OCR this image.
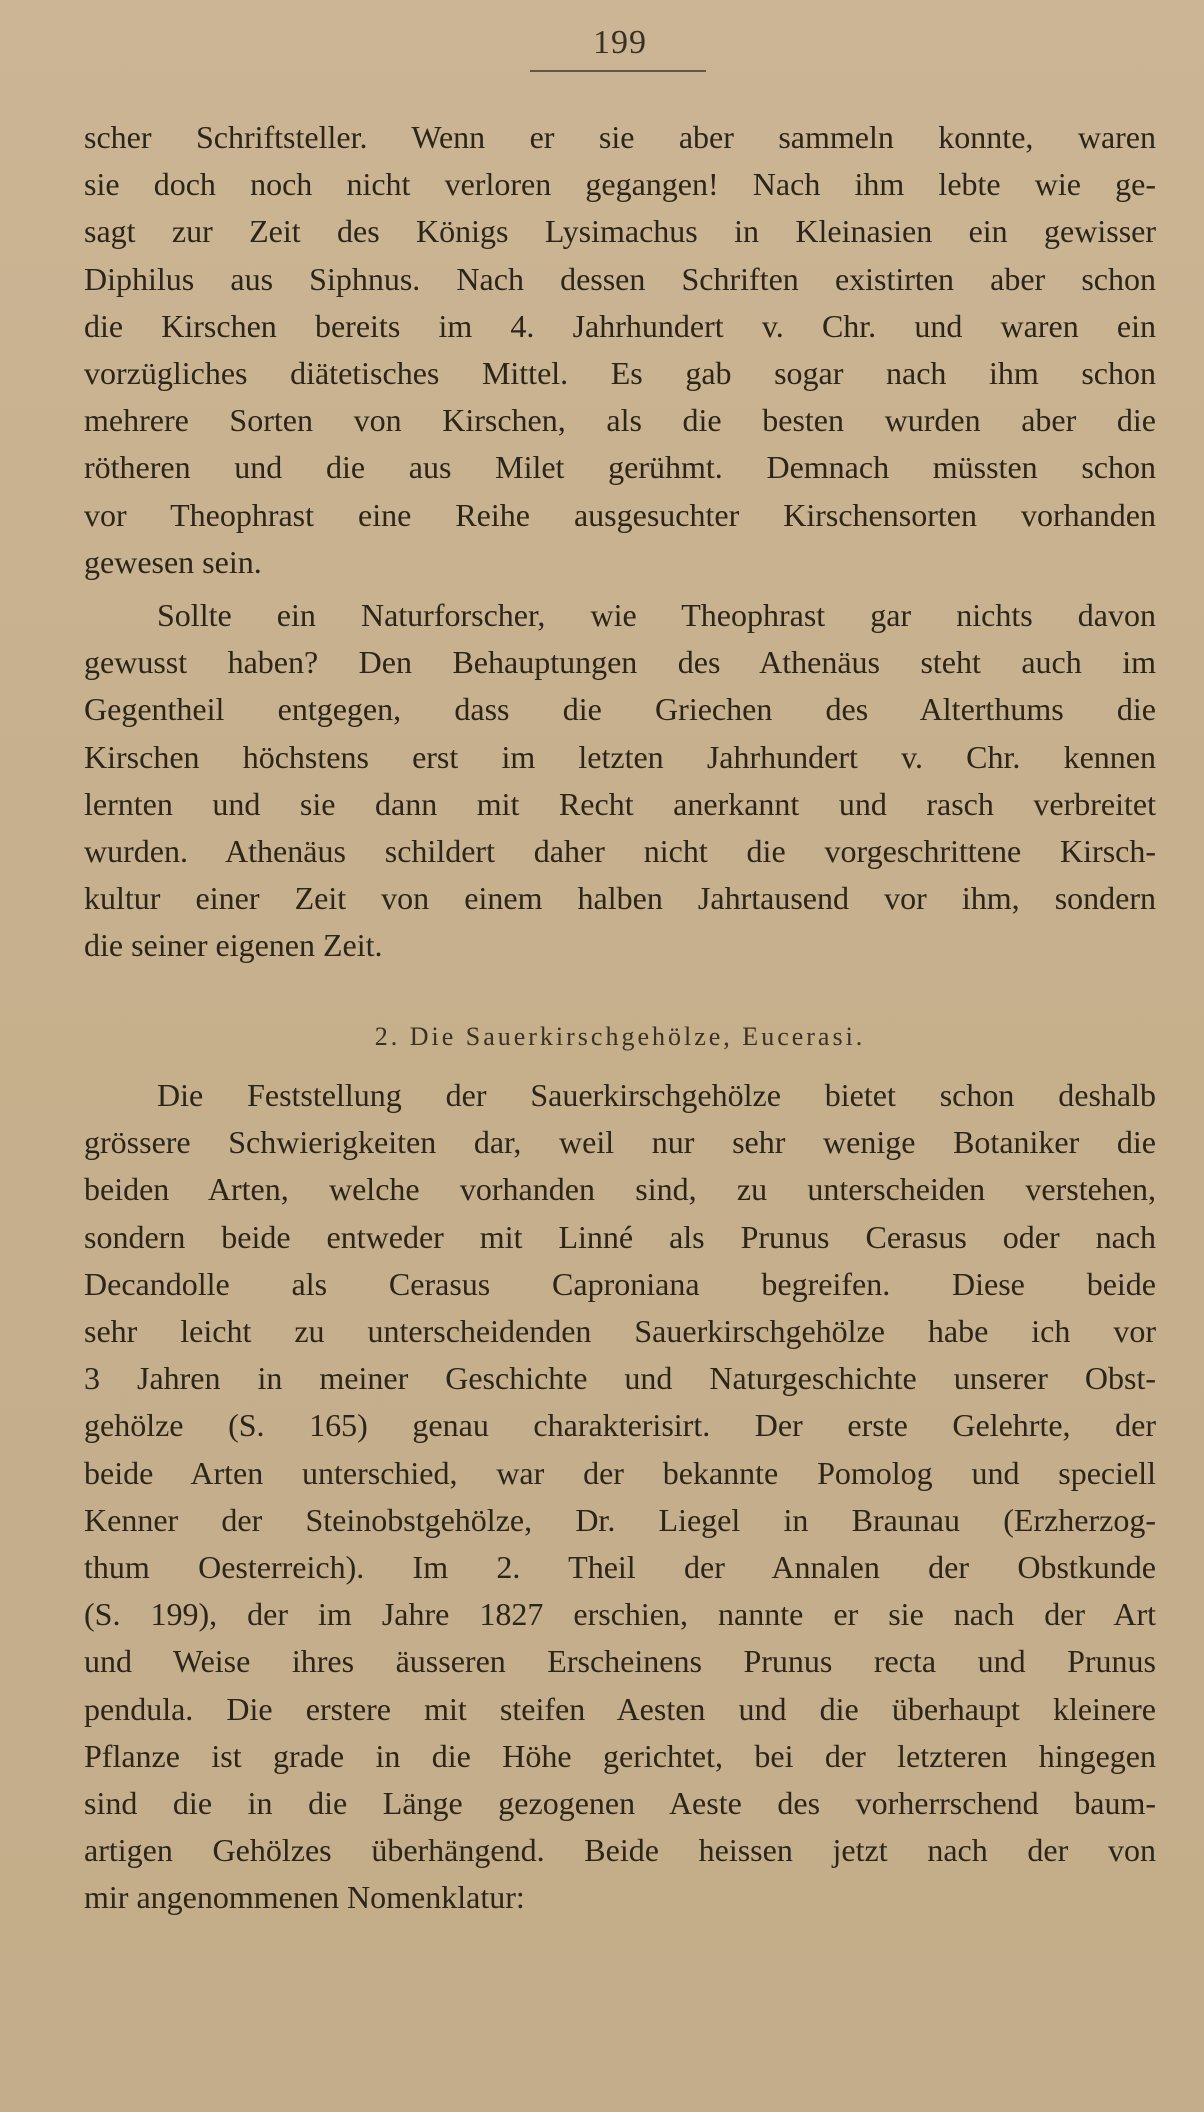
199
scher Schriftsteller. Wenn er sie aber sammeln konnte, waren
sie doch noch nicht verloren gegangen! Nach ihm lebte wie ge-
sagt zur Zeit des Königs Lysimachus in Kleinasien ein gewisser
Diphilus aus Siphnus. Nach dessen Schriften existirten aber schon
die Kirschen bereits im 4. Jahrhundert v. Chr. und waren ein
vorzügliches diätetisches Mittel. Es gab sogar nach ihm schon
mehrere Sorten von Kirschen, als die besten wurden aber die
rötheren und die aus Milet gerühmt. Demnach müssten schon
vor Theophrast eine Reihe ausgesuchter Kirschensorten vorhanden
gewesen sein.
Sollte ein Naturforscher, wie Theophrast gar nichts davon
gewusst haben? Den Behauptungen des Athenäus steht auch im
Gegentheil entgegen, dass die Griechen des Alterthums die
Kirschen höchstens erst im letzten Jahrhundert v. Chr. kennen
lernten und sie dann mit Recht anerkannt und rasch verbreitet
wurden. Athenäus schildert daher nicht die vorgeschrittene Kirsch-
kultur einer Zeit von einem halben Jahrtausend vor ihm, sondern
die seiner eigenen Zeit.
2. Die Sauerkirschgehölze, Eucerasi.
Die Feststellung der Sauerkirschgehölze bietet schon deshalb
grössere Schwierigkeiten dar, weil nur sehr wenige Botaniker die
beiden Arten, welche vorhanden sind, zu unterscheiden verstehen,
sondern beide entweder mit Linné als Prunus Cerasus oder nach
Decandolle als Cerasus Caproniana begreifen. Diese beide
sehr leicht zu unterscheidenden Sauerkirschgehölze habe ich vor
3 Jahren in meiner Geschichte und Naturgeschichte unserer Obst-
gehölze (S. 165) genau charakterisirt. Der erste Gelehrte, der
beide Arten unterschied, war der bekannte Pomolog und speciell
Kenner der Steinobstgehölze, Dr. Liegel in Braunau (Erzherzog-
thum Oesterreich). Im 2. Theil der Annalen der Obstkunde
(S. 199), der im Jahre 1827 erschien, nannte er sie nach der Art
und Weise ihres äusseren Erscheinens Prunus recta und Prunus
pendula. Die erstere mit steifen Aesten und die überhaupt kleinere
Pflanze ist grade in die Höhe gerichtet, bei der letzteren hingegen
sind die in die Länge gezogenen Aeste des vorherrschend baum-
artigen Gehölzes überhängend. Beide heissen jetzt nach der von
mir angenommenen Nomenklatur:
